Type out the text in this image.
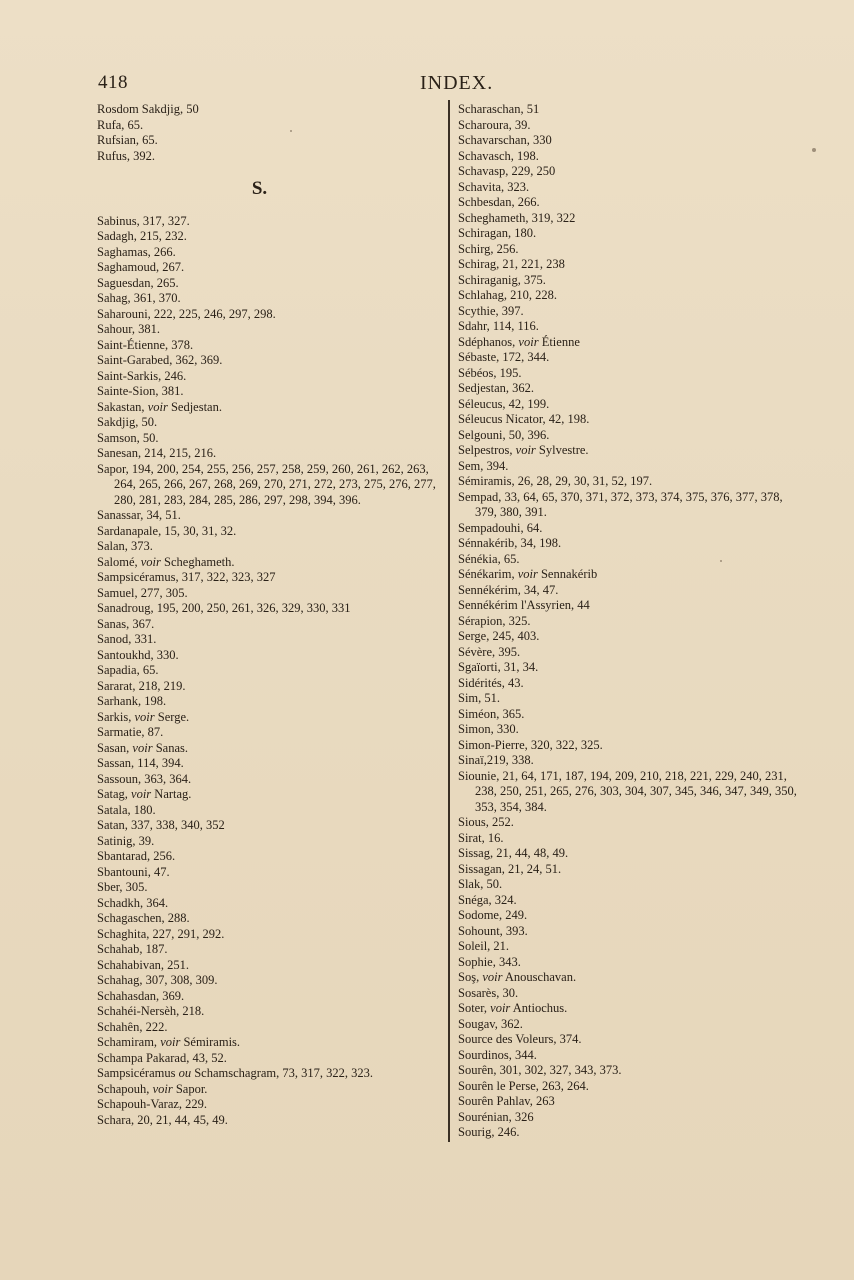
418	INDEX.

Rosdom Sakdjig, 50

Rufa, 65.

Rufsian, 65.

Rufus, 392.

S.

Sabinus, 317, 327.

Sadagh, 215, 232.

Saghamas, 266.

Saghamoud, 267.

Saguesdan, 265.

Sahag, 361, 370.

Saharouni, 222, 225, 246, 297, 298.

Sahour, 381.

Saint-Étienne, 378.

Saint-Garabed, 362, 369.

Saint-Sarkis, 246.

Sainte-Sion, 381.

Sakastan, voir Sedjestan.

Sakdjig, 50.

Samson, 50.

Sanesan, 214, 215, 216.

Sapor, 194, 200, 254, 255, 256, 257, 258, 259, 260, 261, 262, 263, 264, 265, 266, 267, 268, 269, 270, 271, 272, 273, 275, 276, 277, 280, 281, 283, 284, 285, 286, 297, 298, 394, 396.

Sanassar, 34, 51.

Sardanapale, 15, 30, 31, 32.

Salan, 373.

Salomé, voir Scheghameth.

Sampsicéramus, 317, 322, 323, 327

Samuel, 277, 305.

Sanadroug, 195, 200, 250, 261, 326, 329, 330, 331

Sanas, 367.

Sanod, 331.

Santoukhd, 330.

Sapadia, 65.

Sararat, 218, 219.

Sarhank, 198.

Sarkis, voir Serge.

Sarmatie, 87.

Sasan, voir Sanas.

Sassan, 114, 394.

Sassoun, 363, 364.

Satag, voir Nartag.

Satala, 180.

Satan, 337, 338, 340, 352

Satinig, 39.

Sbantarad, 256.

Sbantouni, 47.

Sber, 305.

Schadkh, 364.

Schagaschen, 288.

Schaghita, 227, 291, 292.

Schahab, 187.

Schahabivan, 251.

Schahag, 307, 308, 309.

Schahasdan, 369.

Schahéi-Nersèh, 218.

Schahên, 222.

Schamiram, voir Sémiramis.

Schampa Pakarad, 43, 52.

Sampsicéramus ou Schamschagram, 73, 317, 322, 323.

Schapouh, voir Sapor.

Schapouh-Varaz, 229.

Schara, 20, 21, 44, 45, 49.

Scharaschan, 51

Scharoura, 39.

Schavarschan, 330

Schavasch, 198.

Schavasp, 229, 250

Schavita, 323.

Schbesdan, 266.

Scheghameth, 319, 322

Schiragan, 180.

Schirg, 256.

Schirag, 21, 221, 238

Schiraganig, 375.

Schlahag, 210, 228.

Scythie, 397.

Sdahr, 114, 116.

Sdéphanos, voir Étienne

Sébaste, 172, 344.

Sébéos, 195.

Sedjestan, 362.

Séleucus, 42, 199.

Séleucus Nicator, 42, 198.

Selgouni, 50, 396.

Selpestros, voir Sylvestre.

Sem, 394.

Sémiramis, 26, 28, 29, 30, 31, 52, 197.

Sempad, 33, 64, 65, 370, 371, 372, 373, 374, 375, 376, 377, 378, 379, 380, 391.

Sempadouhi, 64.

Sénnakérib, 34, 198.

Sénékia, 65.

Sénékarim, voir Sennakérib

Sennékérim, 34, 47.

Sennékérim l'Assyrien, 44

Sérapion, 325.

Serge, 245, 403.

Sévère, 395.

Sgaïorti, 31, 34.

Sidérités, 43.

Sim, 51.

Siméon, 365.

Simon, 330.

Simon-Pierre, 320, 322, 325.

Sinaï,219, 338.

Siounie, 21, 64, 171, 187, 194, 209, 210, 218, 221, 229, 240, 231, 238, 250, 251, 265, 276, 303, 304, 307, 345, 346, 347, 349, 350, 353, 354, 384.

Sious, 252.

Sirat, 16.

Sissag, 21, 44, 48, 49.

Sissagan, 21, 24, 51.

Slak, 50.

Snéga, 324.

Sodome, 249.

Sohount, 393.

Soleil, 21.

Sophie, 343.

Soş, voir Anouschavan.

Sosarès, 30.

Soter, voir Antiochus.

Sougav, 362.

Source des Voleurs, 374.

Sourdinos, 344.

Sourên, 301, 302, 327, 343, 373.

Sourên le Perse, 263, 264.

Sourên Pahlav, 263

Sourénian, 326

Sourig, 246.
